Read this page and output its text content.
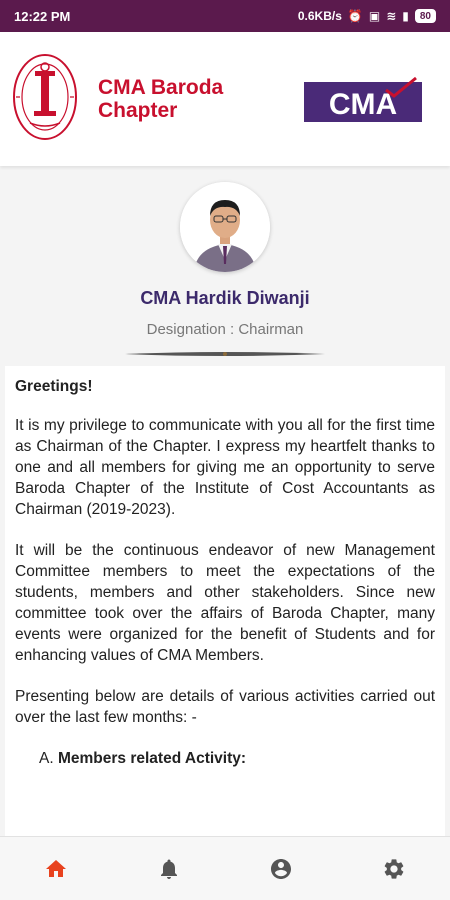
12:22 PM	0.6KB/s ⏰ ▣ ≋ ▮	80
CMA Baroda
Chapter	CMA
CMA Hardik Diwanji
Designation : Chairman

Greetings!

It is my privilege to communicate with you all for the first time as Chairman of the Chapter. I express my heartfelt thanks to one and all members for giving me an opportunity to serve Baroda Chapter of the Institute of Cost Accountants as Chairman (2019-2023).

It will be the continuous endeavor of new Management Committee members to meet the expectations of the students, members and other stakeholders. Since new committee took over the affairs of Baroda Chapter, many events were organized for the benefit of Students and for enhancing values of CMA Members.

Presenting below are details of various activities carried out over the last few months: -

A. Members related Activity:
